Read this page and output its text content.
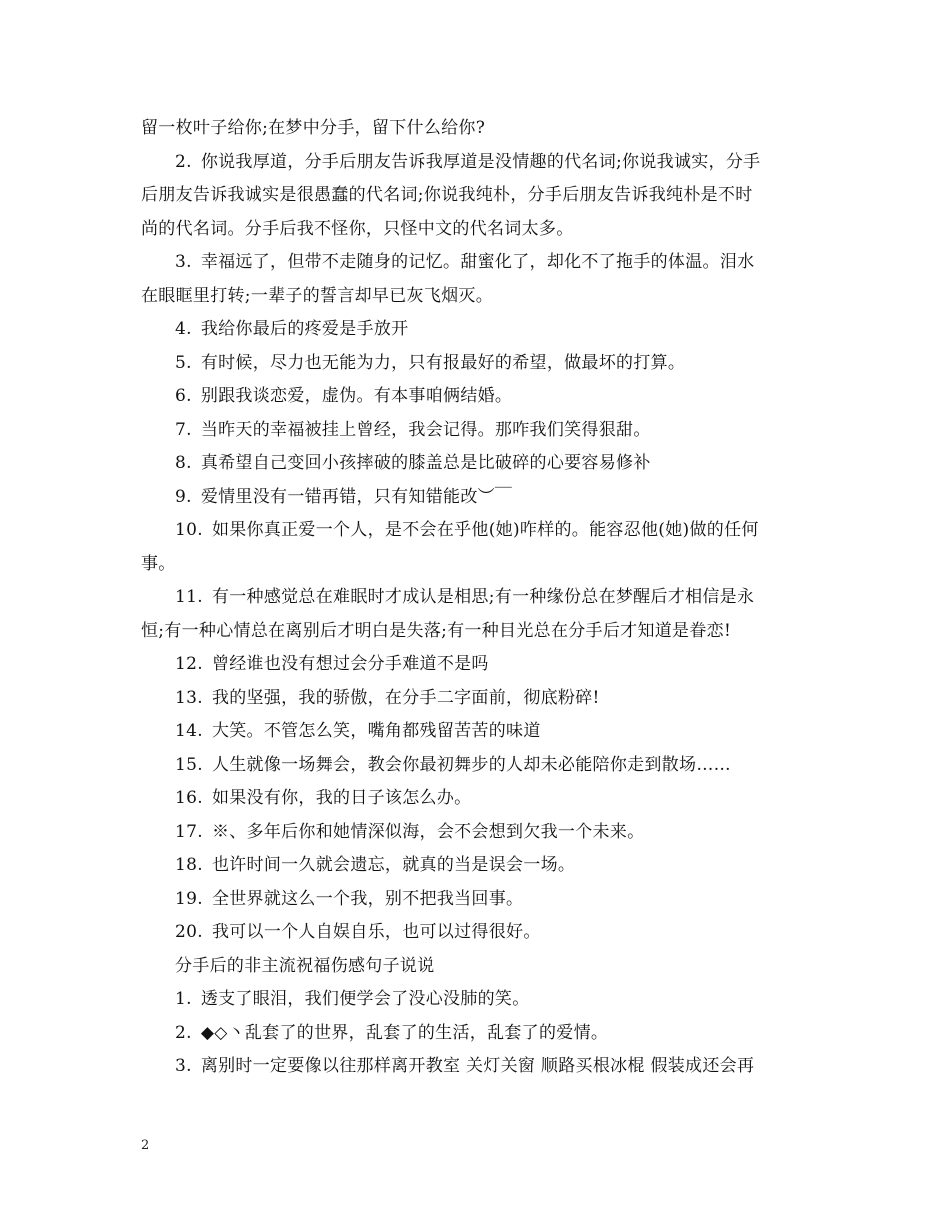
留一枚叶子给你;在梦中分手，留下什么给你?
2. 你说我厚道，分手后朋友告诉我厚道是没情趣的代名词;你说我诚实，分手
后朋友告诉我诚实是很愚蠢的代名词;你说我纯朴，分手后朋友告诉我纯朴是不时
尚的代名词。分手后我不怪你，只怪中文的代名词太多。
3. 幸福远了，但带不走随身的记忆。甜蜜化了，却化不了拖手的体温。泪水
在眼眶里打转;一辈子的誓言却早已灰飞烟灭。
4. 我给你最后的疼爱是手放开
5. 有时候，尽力也无能为力，只有报最好的希望，做最坏的打算。
6. 别跟我谈恋爱，虚伪。有本事咱俩结婚。
7. 当昨天的幸福被挂上曾经，我会记得。那咋我们笑得狠甜。
8. 真希望自己变回小孩摔破的膝盖总是比破碎的心要容易修补
9. 爱情里没有一错再错，只有知错能改︶￣
10. 如果你真正爱一个人，是不会在乎他(她)咋样的。能容忍他(她)做的任何
事。
11. 有一种感觉总在难眠时才成认是相思;有一种缘份总在梦醒后才相信是永
恒;有一种心情总在离别后才明白是失落;有一种目光总在分手后才知道是眷恋!
12. 曾经谁也没有想过会分手难道不是吗
13. 我的坚强，我的骄傲，在分手二字面前，彻底粉碎!
14. 大笑。不管怎么笑，嘴角都残留苦苦的味道
15. 人生就像一场舞会，教会你最初舞步的人却未必能陪你走到散场……
16. 如果没有你，我的日子该怎么办。
17. ※、多年后你和她情深似海，会不会想到欠我一个未来。
18. 也许时间一久就会遗忘，就真的当是误会一场。
19. 全世界就这么一个我，别不把我当回事。
20. 我可以一个人自娱自乐，也可以过得很好。
分手后的非主流祝福伤感句子说说
1. 透支了眼泪，我们便学会了没心没肺的笑。
2. ◆◇丶乱套了的世界，乱套了的生活，乱套了的爱情。
3. 离别时一定要像以往那样离开教室 关灯关窗 顺路买根冰棍 假装成还会再
2
